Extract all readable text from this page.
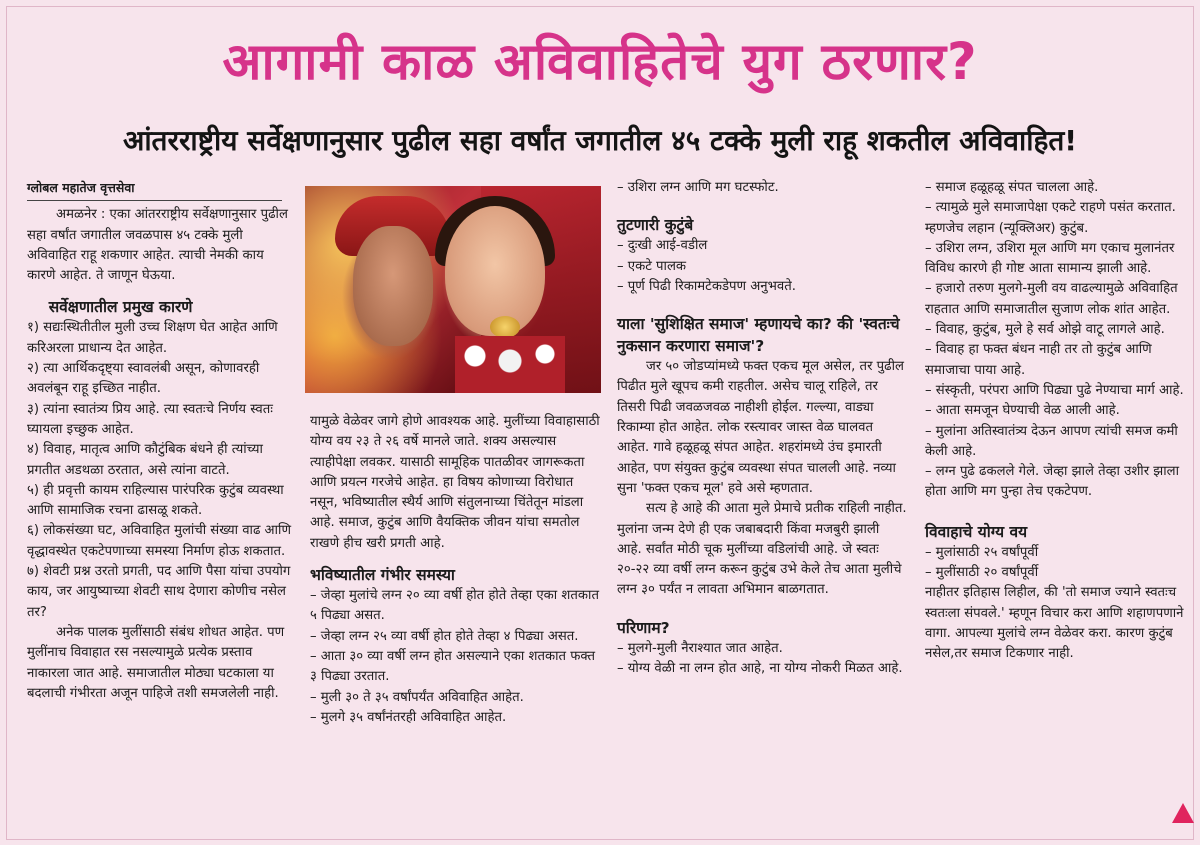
आगामी काळ अविवाहितेचे युग ठरणार?
आंतरराष्ट्रीय सर्वेक्षणानुसार पुढील सहा वर्षांत जगातील ४५ टक्के मुली राहू शकतील अविवाहित!

ग्लोबल महातेज वृत्तसेवा

अमळनेर : एका आंतरराष्ट्रीय सर्वेक्षणानुसार पुढील सहा वर्षांत जगातील जवळपास ४५ टक्के मुली अविवाहित राहू शकणार आहेत. त्याची नेमकी काय कारणे आहेत. ते जाणून घेऊया.

सर्वेक्षणातील प्रमुख कारणे

१) सद्यःस्थितीतील मुली उच्च शिक्षण घेत आहेत आणि करिअरला प्राधान्य देत आहेत.

२) त्या आर्थिकदृष्ट्या स्वावलंबी असून, कोणावरही अवलंबून राहू इच्छित नाहीत.

३) त्यांना स्वातंत्र्य प्रिय आहे. त्या स्वतःचे निर्णय स्वतः घ्यायला इच्छुक आहेत.

४) विवाह, मातृत्व आणि कौटुंबिक बंधने ही त्यांच्या प्रगतीत अडथळा ठरतात, असे त्यांना वाटते.

५) ही प्रवृत्ती कायम राहिल्यास पारंपरिक कुटुंब व्यवस्था आणि सामाजिक रचना ढासळू शकते.

६) लोकसंख्या घट, अविवाहित मुलांची संख्या वाढ आणि वृद्धावस्थेत एकटेपणाच्या समस्या निर्माण होऊ शकतात.

७) शेवटी प्रश्न उरतो प्रगती, पद आणि पैसा यांचा उपयोग काय, जर आयुष्याच्या शेवटी साथ देणारा कोणीच नसेल तर?

अनेक पालक मुलींसाठी संबंध शोधत आहेत. पण मुलींनाच विवाहात रस नसल्यामुळे प्रत्येक प्रस्ताव नाकारला जात आहे. समाजातील मोठ्या घटकाला या बदलाची गंभीरता अजून पाहिजे तशी समजलेली नाही.

यामुळे वेळेवर जागे होणे आवश्यक आहे. मुलींच्या विवाहासाठी योग्य वय २३ ते २६ वर्षे मानले जाते. शक्य असल्यास त्याहीपेक्षा लवकर. यासाठी सामूहिक पातळीवर जागरूकता आणि प्रयत्न गरजेचे आहेत. हा विषय कोणाच्या विरोधात नसून, भविष्यातील स्थैर्य आणि संतुलनाच्या चिंतेतून मांडला आहे. समाज, कुटुंब आणि वैयक्तिक जीवन यांचा समतोल राखणे हीच खरी प्रगती आहे.

भविष्यातील गंभीर समस्या

– जेव्हा मुलांचे लग्न २० व्या वर्षी होत होते तेव्हा एका शतकात ५ पिढ्या असत.

– जेव्हा लग्न २५ व्या वर्षी होत होते तेव्हा ४ पिढ्या असत.

– आता ३० व्या वर्षी लग्न होत असल्याने एका शतकात फक्त ३ पिढ्या उरतात.

– मुली ३० ते ३५ वर्षांपर्यंत अविवाहित आहेत.

– मुलगे ३५ वर्षांनंतरही अविवाहित आहेत.

– उशिरा लग्न आणि मग घटस्फोट.

तुटणारी कुटुंबे

– दुःखी आई-वडील

– एकटे पालक

– पूर्ण पिढी रिकामटेकडेपण अनुभवते.

याला 'सुशिक्षित समाज' म्हणायचे का? की 'स्वतःचे नुकसान करणारा समाज'?

जर ५० जोडप्यांमध्ये फक्त एकच मूल असेल, तर पुढील पिढीत मुले खूपच कमी राहतील. असेच चालू राहिले, तर तिसरी पिढी जवळजवळ नाहीशी होईल. गल्ल्या, वाड्या रिकाम्या होत आहेत. लोक रस्त्यावर जास्त वेळ घालवत आहेत. गावे हळूहळू संपत आहेत. शहरांमध्ये उंच इमारती आहेत, पण संयुक्त कुटुंब व्यवस्था संपत चालली आहे. नव्या सुना 'फक्त एकच मूल' हवे असे म्हणतात.

सत्य हे आहे की आता मुले प्रेमाचे प्रतीक राहिली नाहीत. मुलांना जन्म देणे ही एक जबाबदारी किंवा मजबुरी झाली आहे. सर्वांत मोठी चूक मुलींच्या वडिलांची आहे. जे स्वतः २०-२२ व्या वर्षी लग्न करून कुटुंब उभे केले तेच आता मुलीचे लग्न ३० पर्यंत न लावता अभिमान बाळगतात.

परिणाम?

– मुलगे-मुली नैराश्यात जात आहेत.

– योग्य वेळी ना लग्न होत आहे, ना योग्य नोकरी मिळत आहे.

– समाज हळूहळू संपत चालला आहे.

– त्यामुळे मुले समाजापेक्षा एकटे राहणे पसंत करतात. म्हणजेच लहान (न्यूक्लिअर) कुटुंब.

– उशिरा लग्न, उशिरा मूल आणि मग एकाच मुलानंतर विविध कारणे ही गोष्ट आता सामान्य झाली आहे.

– हजारो तरुण मुलगे-मुली वय वाढल्यामुळे अविवाहित राहतात आणि समाजातील सुजाण लोक शांत आहेत.

– विवाह, कुटुंब, मुले हे सर्व ओझे वाटू लागले आहे.

– विवाह हा फक्त बंधन नाही तर तो कुटुंब आणि समाजाचा पाया आहे.

– संस्कृती, परंपरा आणि पिढ्या पुढे नेण्याचा मार्ग आहे.

– आता समजून घेण्याची वेळ आली आहे.

– मुलांना अतिस्वातंत्र्य देऊन आपण त्यांची समज कमी केली आहे.

– लग्न पुढे ढकलले गेले. जेव्हा झाले तेव्हा उशीर झाला होता आणि मग पुन्हा तेच एकटेपण.

विवाहाचे योग्य वय

– मुलांसाठी २५ वर्षांपूर्वी

– मुलींसाठी २० वर्षांपूर्वी

नाहीतर इतिहास लिहील, की 'तो समाज ज्याने स्वतःच स्वतःला संपवले.' म्हणून विचार करा आणि शहाणपणाने वागा. आपल्या मुलांचे लग्न वेळेवर करा. कारण कुटुंब नसेल,तर समाज टिकणार नाही.
